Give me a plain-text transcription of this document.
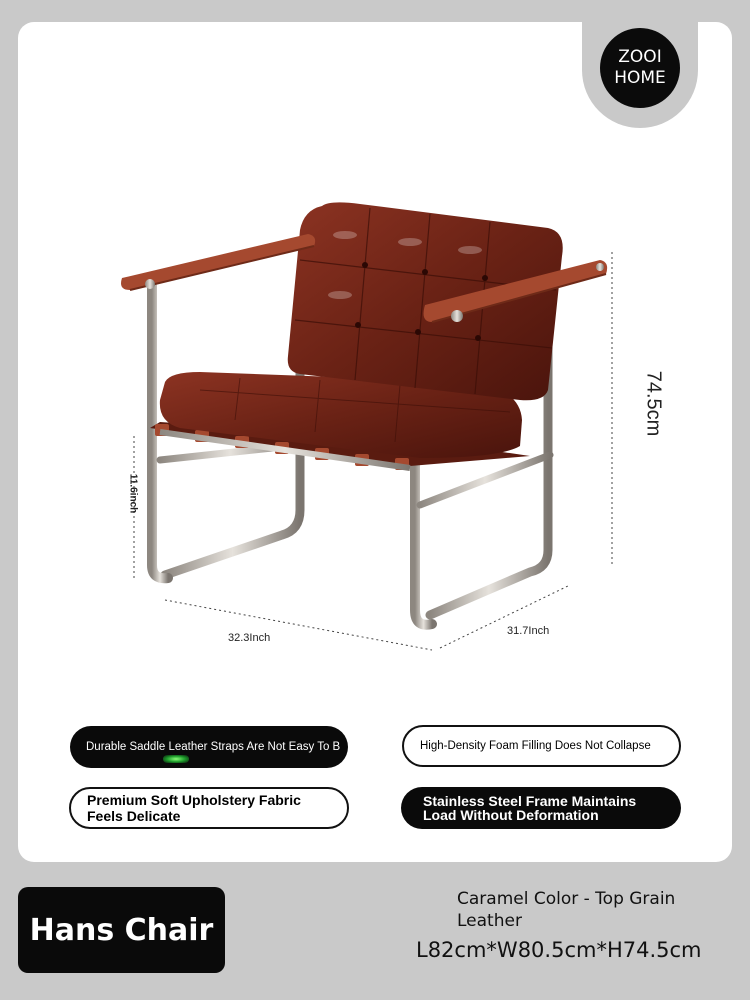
ZOOI
HOME
74.5cm
32.3Inch
31.7Inch
11.6inch
Durable Saddle Leather Straps Are Not Easy To B	High-Density Foam Filling Does Not Collapse
Premium Soft Upholstery Fabric Feels Delicate
Stainless Steel Frame Maintains Load Without Deformation
Hans Chair
Caramel Color - Top Grain Leather
L82cm*W80.5cm*H74.5cm
